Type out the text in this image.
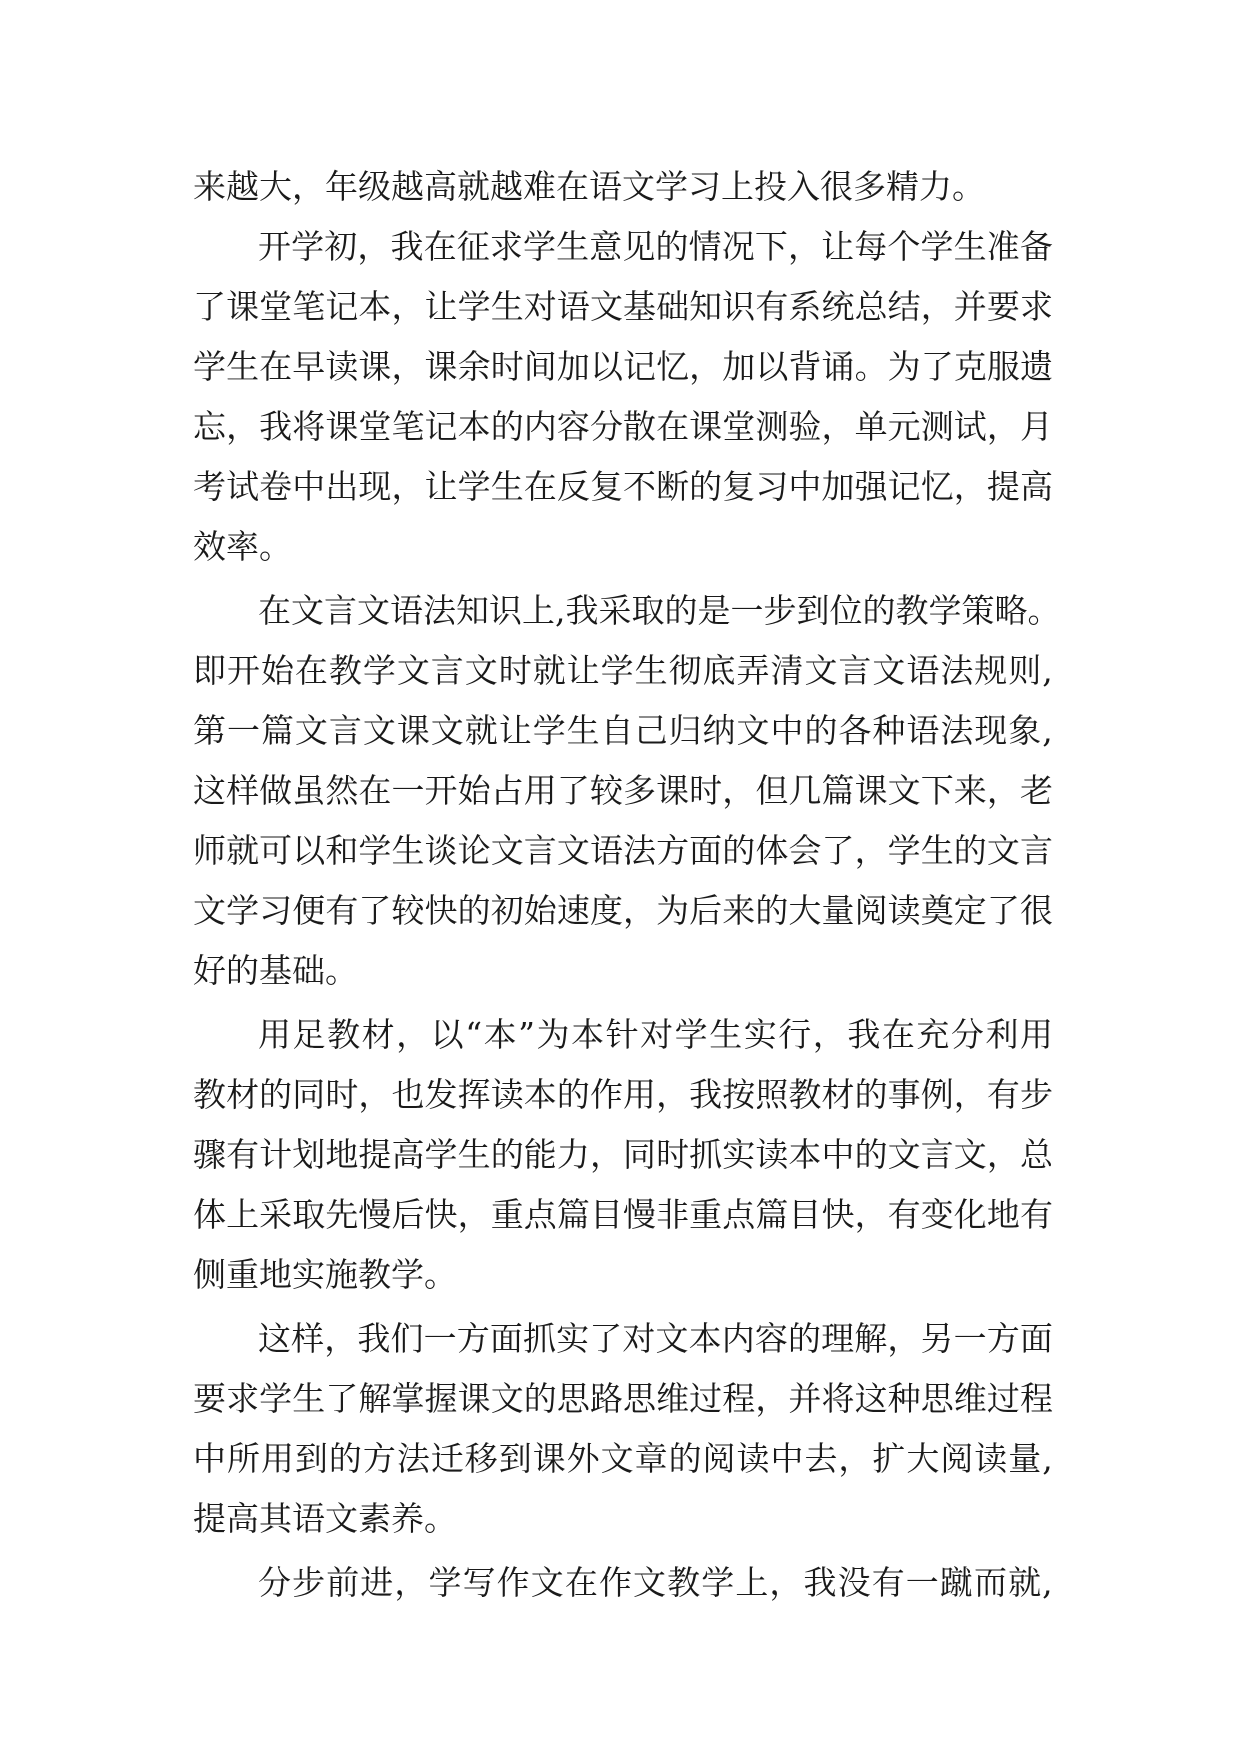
来越大，年级越高就越难在语文学习上投入很多精力。
开 学 初 ， 我 在 征 求 学 生 意 见 的 情 况 下 ， 让 每 个 学 生 准 备
了 课 堂 笔 记 本 ， 让 学 生 对 语 文 基 础 知 识 有 系 统 总 结 ， 并 要 求
学 生 在 早 读 课 ， 课 余 时 间 加 以 记 忆 ， 加 以 背 诵 。 为 了 克 服 遗
忘 ， 我 将 课 堂 笔 记 本 的 内 容 分 散 在 课 堂 测 验 ， 单 元 测 试 ， 月
考 试 卷 中 出 现 ， 让 学 生 在 反 复 不 断 的 复 习 中 加 强 记 忆 ， 提 高
效率。
在 文 言 文 语 法 知 识 上 , 我 采 取 的 是 一 步 到 位 的 教 学 策 略 。
即 开 始 在 教 学 文 言 文 时 就 让 学 生 彻 底 弄 清 文 言 文 语 法 规 则 ,
第 一 篇 文 言 文 课 文 就 让 学 生 自 己 归 纳 文 中 的 各 种 语 法 现 象 ,
这 样 做 虽 然 在 一 开 始 占 用 了 较 多 课 时 ， 但 几 篇 课 文 下 来 ， 老
师 就 可 以 和 学 生 谈 论 文 言 文 语 法 方 面 的 体 会 了 ， 学 生 的 文 言
文 学 习 便 有 了 较 快 的 初 始 速 度 ， 为 后 来 的 大 量 阅 读 奠 定 了 很
好的基础。
用 足 教 材 ， 以 “ 本 ” 为 本 针 对 学 生 实 行 ， 我 在 充 分 利 用
教 材 的 同 时 ， 也 发 挥 读 本 的 作 用 ， 我 按 照 教 材 的 事 例 ， 有 步
骤 有 计 划 地 提 高 学 生 的 能 力 ， 同 时 抓 实 读 本 中 的 文 言 文 ， 总
体 上 采 取 先 慢 后 快 ， 重 点 篇 目 慢 非 重 点 篇 目 快 ， 有 变 化 地 有
侧重地实施教学。
这 样 ， 我 们 一 方 面 抓 实 了 对 文 本 内 容 的 理 解 ， 另 一 方 面
要 求 学 生 了 解 掌 握 课 文 的 思 路 思 维 过 程 ， 并 将 这 种 思 维 过 程
中 所 用 到 的 方 法 迁 移 到 课 外 文 章 的 阅 读 中 去 ， 扩 大 阅 读 量 ,
提高其语文素养。
分 步 前 进 ， 学 写 作 文 在 作 文 教 学 上 ， 我 没 有 一 蹴 而 就 ,
